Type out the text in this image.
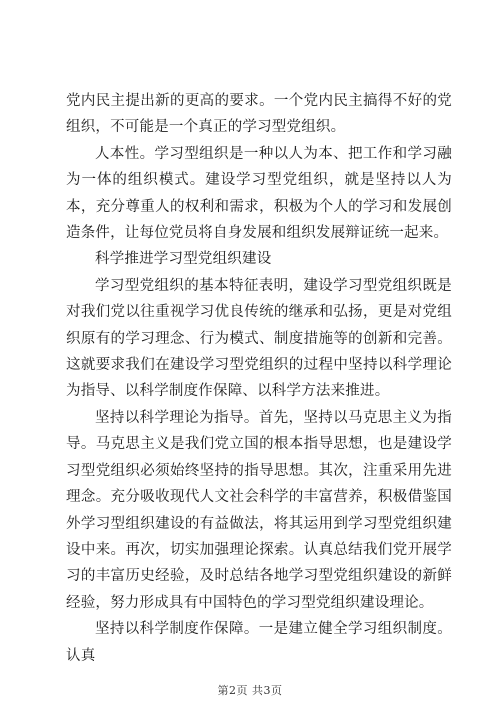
党内民主提出新的更高的要求。一个党内民主搞得不好的党组织，不可能是一个真正的学习型党组织。

人本性。学习型组织是一种以人为本、把工作和学习融为一体的组织模式。建设学习型党组织，就是坚持以人为本，充分尊重人的权利和需求，积极为个人的学习和发展创造条件，让每位党员将自身发展和组织发展辩证统一起来。

科学推进学习型党组织建设

学习型党组织的基本特征表明，建设学习型党组织既是对我们党以往重视学习优良传统的继承和弘扬，更是对党组织原有的学习理念、行为模式、制度措施等的创新和完善。这就要求我们在建设学习型党组织的过程中坚持以科学理论为指导、以科学制度作保障、以科学方法来推进。

坚持以科学理论为指导。首先，坚持以马克思主义为指导。马克思主义是我们党立国的根本指导思想，也是建设学习型党组织必须始终坚持的指导思想。其次，注重采用先进理念。充分吸收现代人文社会科学的丰富营养，积极借鉴国外学习型组织建设的有益做法，将其运用到学习型党组织建设中来。再次，切实加强理论探索。认真总结我们党开展学习的丰富历史经验，及时总结各地学习型党组织建设的新鲜经验，努力形成具有中国特色的学习型党组织建设理论。

坚持以科学制度作保障。一是建立健全学习组织制度。认真

第2页 共3页
